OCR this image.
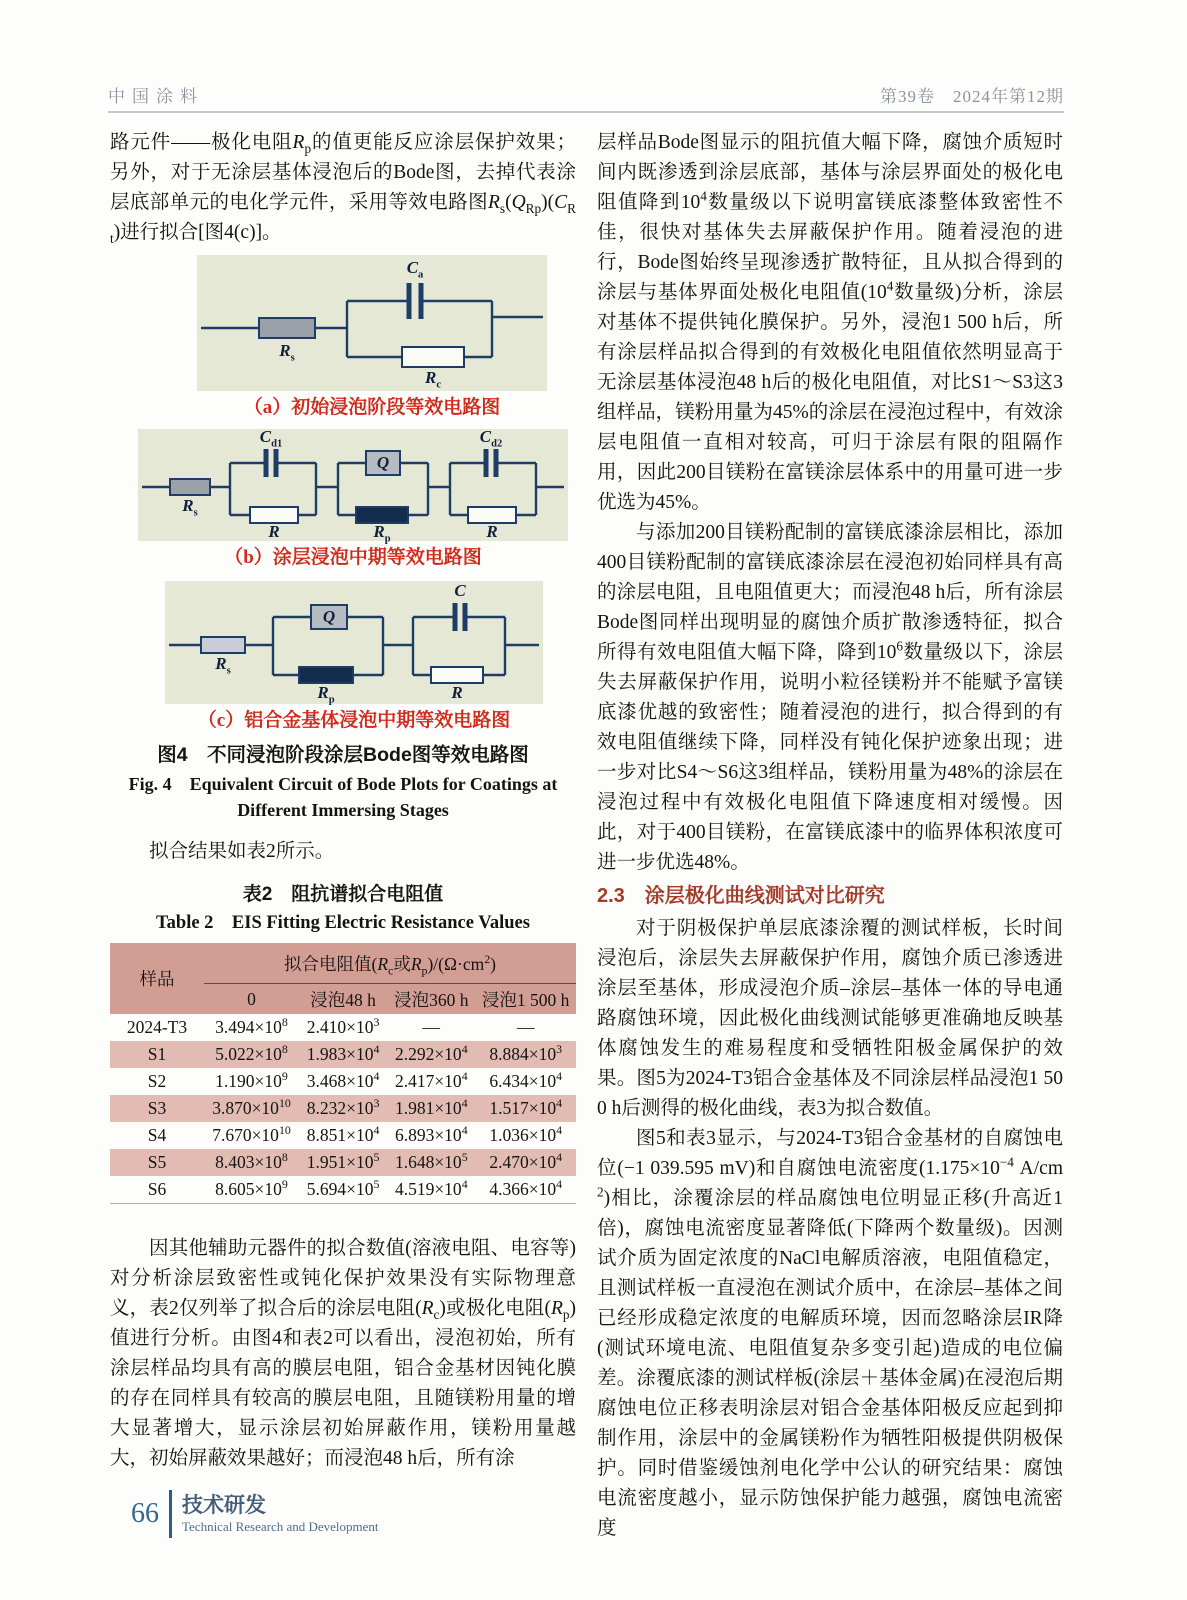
中国涂料	第39卷　2024年第12期

路元件——极化电阻$R_p$的值更能反应涂层保护效果；另外，对于无涂层基体浸泡后的Bode图，去掉代表涂层底部单元的电化学元件，采用等效电路图$R_s(Q_{Rp})(C_{Rt})$进行拟合[图4(c)]。

$R_s$
$C_a$
$R_c$
（a）初始浸泡阶段等效电路图
$R_s$
$C_{d1}$
R
Q
$R_p$
$C_{d2}$
R
（b）涂层浸泡中期等效电路图
$R_s$
Q
$R_p$
C
R
（c）铝合金基体浸泡中期等效电路图
图4　不同浸泡阶段涂层Bode图等效电路图
Fig. 4　Equivalent Circuit of Bode Plots for Coatings at Different Immersing Stages

拟合结果如表2所示。

表2　阻抗谱拟合电阻值
Table 2　EIS Fitting Electric Resistance Values
样品	拟合电阻值($R_c$或$R_p)/(\Omega\cdot cm^2)$			
	0	浸泡48 h	浸泡360 h	浸泡1 500 h
2024-T3	$3.494\times 10^8$	$2.410\times 10^3$	—	—
S1	$5.022\times 10^8$	$1.983\times 10^4$	$2.292\times 10^4$	$8.884\times 10^3$
S2	$1.190\times 10^9$	$3.468\times 10^4$	$2.417\times 10^4$	$6.434\times 10^4$
S3	$3.870\times 10^{10}$	$8.232\times 10^3$	$1.981\times 10^4$	$1.517\times 10^4$
S4	$7.670\times 10^{10}$	$8.851\times 10^4$	$6.893\times 10^4$	$1.036\times 10^4$
S5	$8.403\times 10^8$	$1.951\times 10^5$	$1.648\times 10^5$	$2.470\times 10^4$
S6	$8.605\times 10^9$	$5.694\times 10^5$	$4.519\times 10^4$	$4.366\times 10^4$

因其他辅助元器件的拟合数值(溶液电阻、电容等)对分析涂层致密性或钝化保护效果没有实际物理意义，表2仅列举了拟合后的涂层电阻$(R_c)$或极化电阻$(R_p)$值进行分析。由图4和表2可以看出，浸泡初始，所有涂层样品均具有高的膜层电阻，铝合金基材因钝化膜的存在同样具有较高的膜层电阻，且随镁粉用量的增大显著增大，显示涂层初始屏蔽作用，镁粉用量越大，初始屏蔽效果越好；而浸泡48 h后，所有涂

层样品Bode图显示的阻抗值大幅下降，腐蚀介质短时间内既渗透到涂层底部，基体与涂层界面处的极化电阻值降到$10^4$数量级以下说明富镁底漆整体致密性不佳，很快对基体失去屏蔽保护作用。随着浸泡的进行，Bode图始终呈现渗透扩散特征，且从拟合得到的涂层与基体界面处极化电阻值($10^4$数量级)分析，涂层对基体不提供钝化膜保护。另外，浸泡1 500 h后，所有涂层样品拟合得到的有效极化电阻值依然明显高于无涂层基体浸泡48 h后的极化电阻值，对比S1～S3这3组样品，镁粉用量为45%的涂层在浸泡过程中，有效涂层电阻值一直相对较高，可归于涂层有限的阻隔作用，因此200目镁粉在富镁涂层体系中的用量可进一步优选为45%。

与添加200目镁粉配制的富镁底漆涂层相比，添加400目镁粉配制的富镁底漆涂层在浸泡初始同样具有高的涂层电阻，且电阻值更大；而浸泡48 h后，所有涂层Bode图同样出现明显的腐蚀介质扩散渗透特征，拟合所得有效电阻值大幅下降，降到$10^6$数量级以下，涂层失去屏蔽保护作用，说明小粒径镁粉并不能赋予富镁底漆优越的致密性；随着浸泡的进行，拟合得到的有效电阻值继续下降，同样没有钝化保护迹象出现；进一步对比S4～S6这3组样品，镁粉用量为48%的涂层在浸泡过程中有效极化电阻值下降速度相对缓慢。因此，对于400目镁粉，在富镁底漆中的临界体积浓度可进一步优选48%。

2.3　涂层极化曲线测试对比研究

对于阴极保护单层底漆涂覆的测试样板，长时间浸泡后，涂层失去屏蔽保护作用，腐蚀介质已渗透进涂层至基体，形成浸泡介质–涂层–基体一体的导电通路腐蚀环境，因此极化曲线测试能够更准确地反映基体腐蚀发生的难易程度和受牺牲阳极金属保护的效果。图5为2024-T3铝合金基体及不同涂层样品浸泡1 500 h后测得的极化曲线，表3为拟合数值。

图5和表3显示，与2024-T3铝合金基材的自腐蚀电位(−1 039.595 mV)和自腐蚀电流密度($1.175\times 10^{-4}$ $A/cm^2$)相比，涂覆涂层的样品腐蚀电位明显正移(升高近1倍)，腐蚀电流密度显著降低(下降两个数量级)。因测试介质为固定浓度的NaCl电解质溶液，电阻值稳定，且测试样板一直浸泡在测试介质中，在涂层–基体之间已经形成稳定浓度的电解质环境，因而忽略涂层IR降(测试环境电流、电阻值复杂多变引起)造成的电位偏差。涂覆底漆的测试样板(涂层＋基体金属)在浸泡后期腐蚀电位正移表明涂层对铝合金基体阳极反应起到抑制作用，涂层中的金属镁粉作为牺牲阳极提供阴极保护。同时借鉴缓蚀剂电化学中公认的研究结果：腐蚀电流密度越小，显示防蚀保护能力越强，腐蚀电流密度

66 技术研发
Technical Research and Development
